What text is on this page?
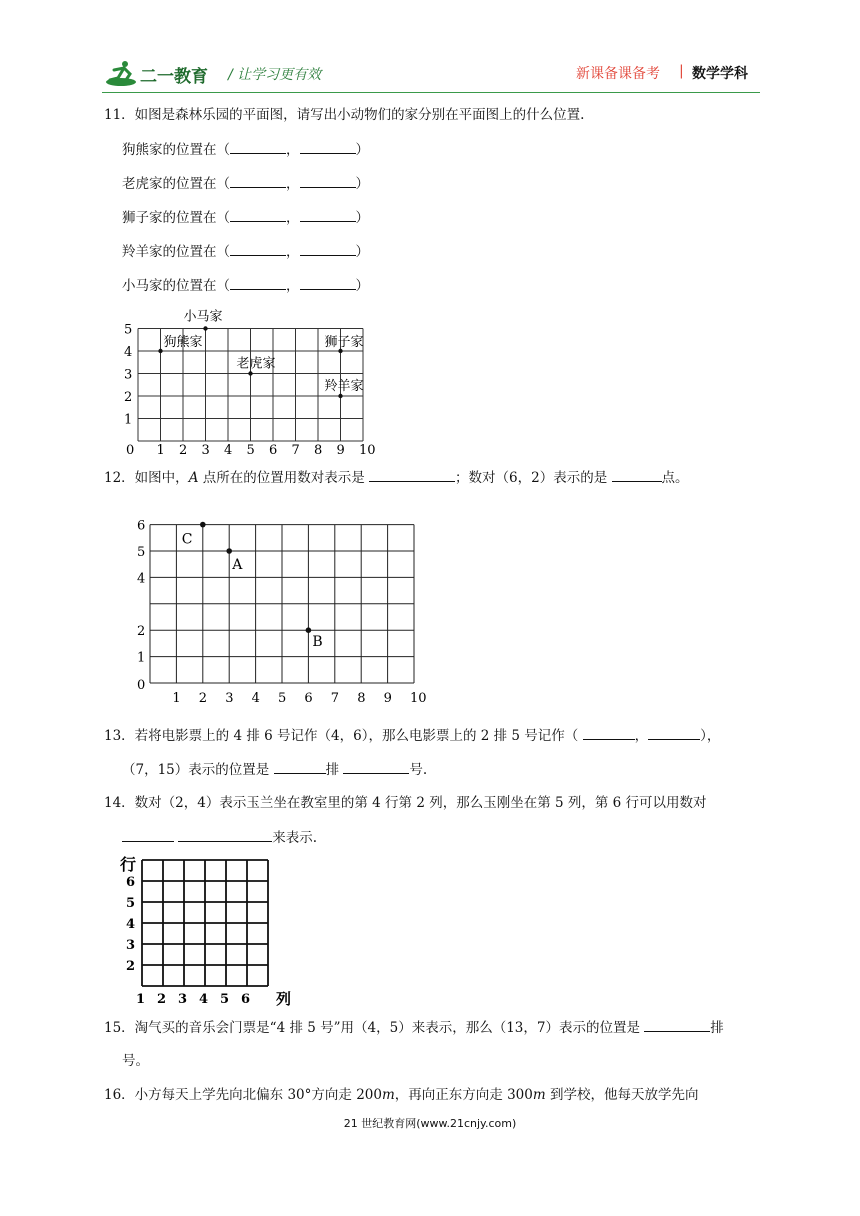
二一教育 / 让学习更有效	新课备课备考 | 数学学科
11．如图是森林乐园的平面图，请写出小动物们的家分别在平面图上的什么位置.
狗熊家的位置在（	，	）
老虎家的位置在（	，	）
狮子家的位置在（	，	）
羚羊家的位置在（	，	）
小马家的位置在（	，	）
0 1 2 3 4 5 6 7 8 9 10
1
2
3
4
5
小马家
狗熊家
老虎家
狮子家
羚羊家
12．如图中，A 点所在的位置用数对表示是	；数对（6，2）表示的是	点。
1 2 3 4 5 6 7 8 9 10
0
1
2
4
5
6
C
A
B
13．若将电影票上的 4 排 6 号记作（4，6），那么电影票上的 2 排 5 号记作（	，	），
（7，15）表示的位置是	排	号.
14．数对（2，4）表示玉兰坐在教室里的第 4 行第 2 列，那么玉刚坐在第 5 列，第 6 行可以用数对
来表示.
行
列
1 2 3 4 5 6
2
3
4
5
6
15．淘气买的音乐会门票是“4 排 5 号”用（4，5）来表示，那么（13，7）表示的位置是	排
号。
16．小方每天上学先向北偏东 30°方向走 200m，再向正东方向走 300m 到学校，他每天放学先向
21 世纪教育网(www.21cnjy.com)
